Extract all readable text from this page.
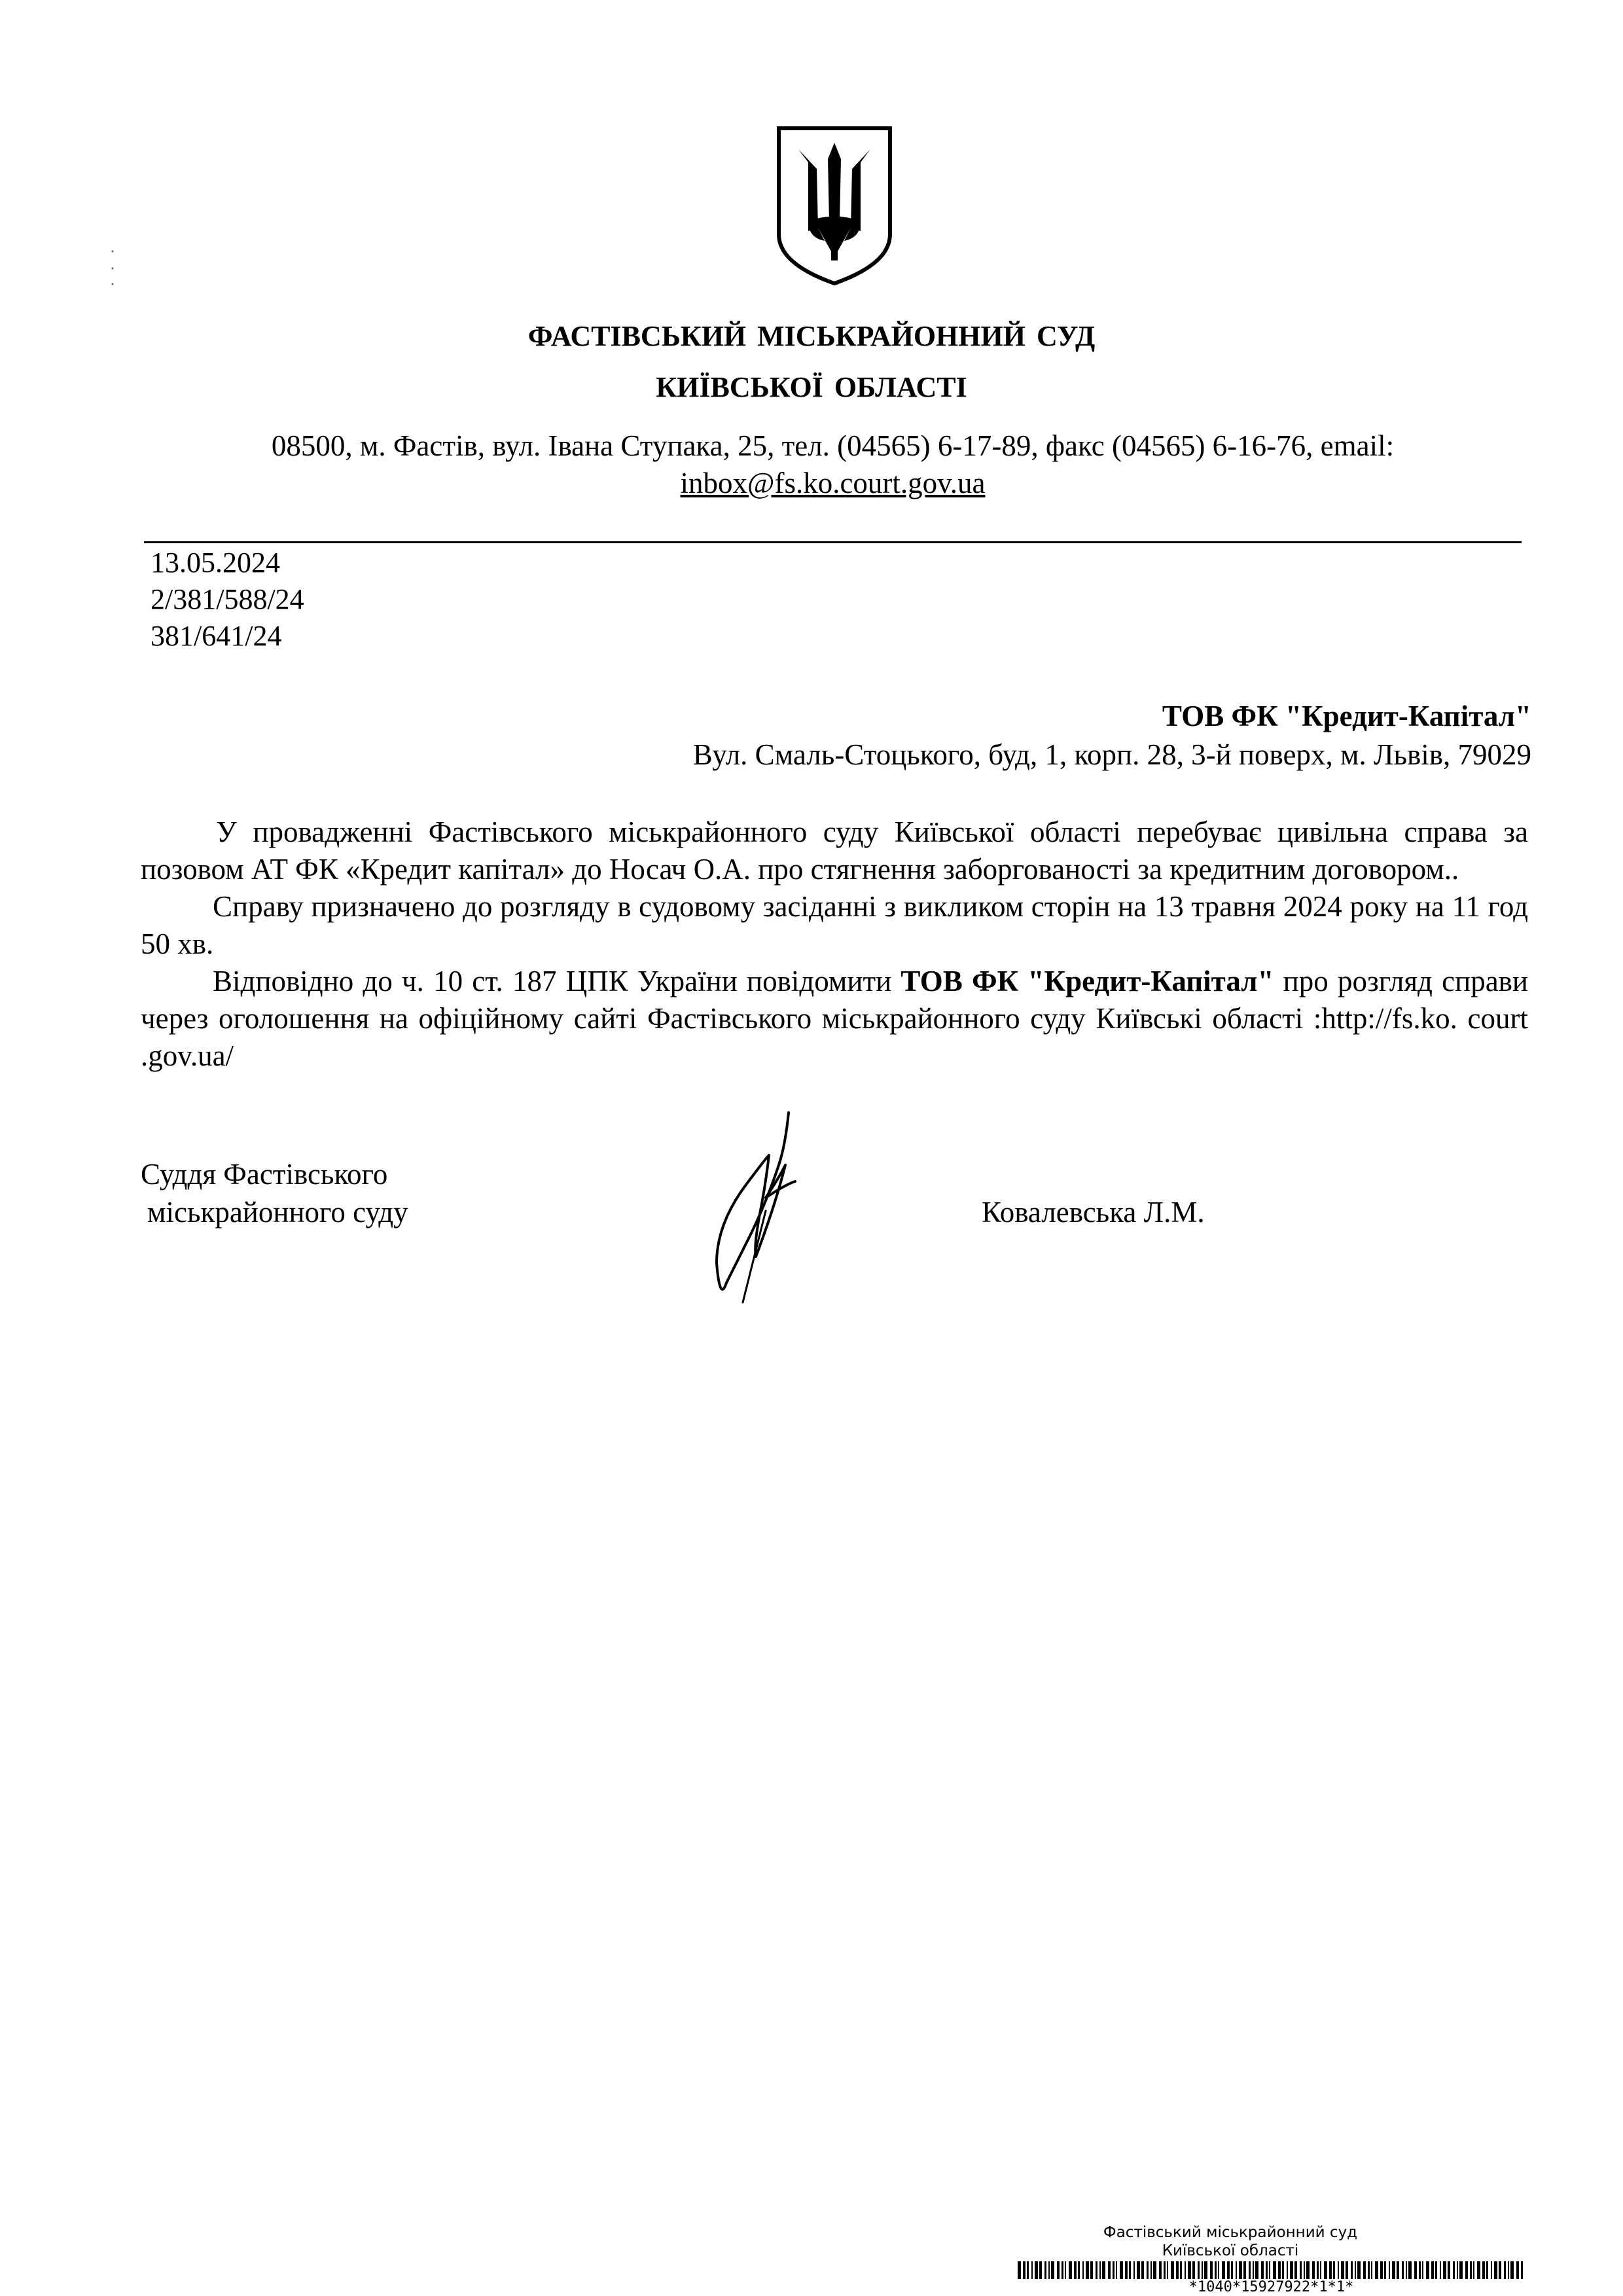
ФАСТІВСЬКИЙ МІСЬКРАЙОННИЙ СУД
КИЇВСЬКОЇ ОБЛАСТІ
08500, м. Фастів, вул. Івана Ступака, 25, тел. (04565) 6-17-89, факс (04565) 6-16-76, email:
inbox@fs.ko.court.gov.ua
13.05.2024
2/381/588/24
381/641/24
ТОВ ФК "Кредит-Капітал"
Вул. Смаль-Стоцького, буд, 1, корп. 28, 3-й поверх, м. Львів, 79029

У провадженні Фастівського міськрайонного суду Київської області перебуває цивільна справа за позовом АТ ФК «Кредит капітал» до Носач О.А. про стягнення заборгованості за кредитним договором..

Справу призначено до розгляду в судовому засіданні з викликом сторін на 13 травня 2024 року на 11 год 50 хв.

Відповідно до ч. 10 ст. 187 ЦПК України повідомити ТОВ ФК "Кредит-Капітал" про розгляд справи через оголошення на офіційному сайті Фастівського міськрайонного суду Київські області :http://fs.ko. court .gov.ua/

Суддя Фастівського
міськрайонного суду	Ковалевська Л.М.
Фастівський міськрайонний суд
Київської області
*1040*15927922*1*1*
